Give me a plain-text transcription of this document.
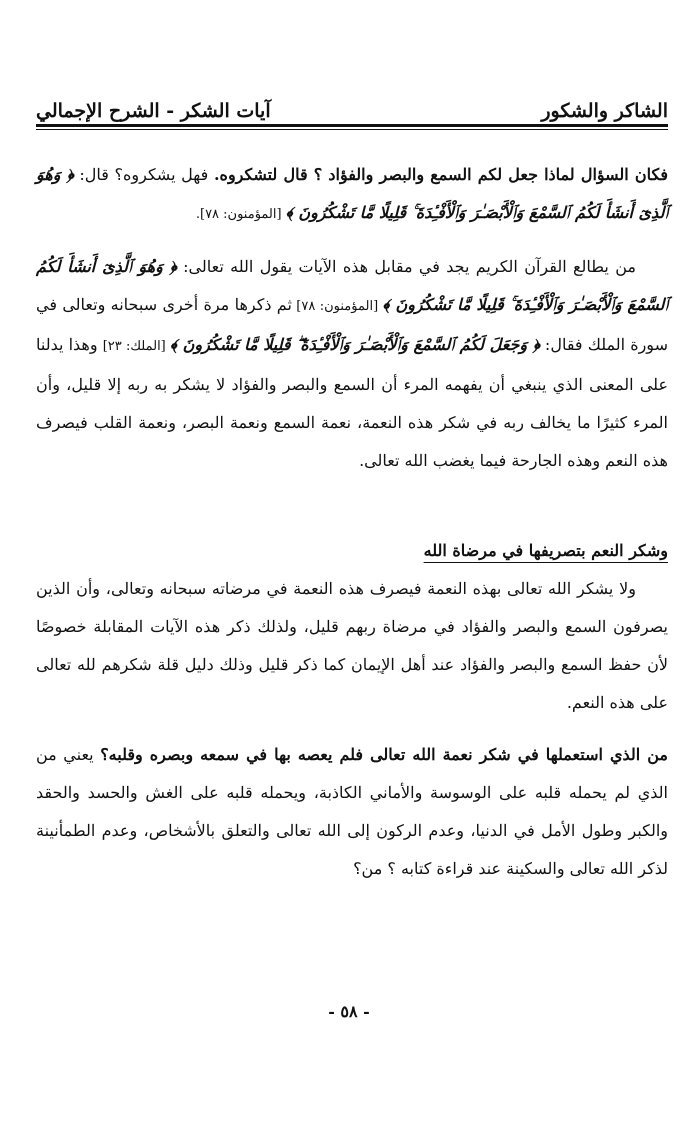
الشاكر والشكور
آيات الشكر - الشرح الإجمالي

فكان السؤال لماذا جعل لكم السمع والبصر والفؤاد ؟ قال لتشكروه. فهل يشكروه؟ قال: ﴿ وَهُوَ ٱلَّذِىٓ أَنشَأَ لَكُمُ ٱلسَّمْعَ وَٱلْأَبْصَـٰرَ وَٱلْأَفْـِٔدَةَ ۚ قَلِيلًا مَّا تَشْكُرُونَ ﴾ [المؤمنون: ٧٨].

من يطالع القرآن الكريم يجد في مقابل هذه الآيات يقول الله تعالى: ﴿ وَهُوَ ٱلَّذِىٓ أَنشَأَ لَكُمُ ٱلسَّمْعَ وَٱلْأَبْصَـٰرَ وَٱلْأَفْـِٔدَةَ ۚ قَلِيلًا مَّا تَشْكُرُونَ ﴾ [المؤمنون: ٧٨] ثم ذكرها مرة أخرى سبحانه وتعالى في سورة الملك فقال: ﴿ وَجَعَلَ لَكُمُ ٱلسَّمْعَ وَٱلْأَبْصَـٰرَ وَٱلْأَفْـِٔدَةَ ۖ قَلِيلًا مَّا تَشْكُرُونَ ﴾ [الملك: ٢٣] وهذا يدلنا على المعنى الذي ينبغي أن يفهمه المرء أن السمع والبصر والفؤاد لا يشكر به ربه إلا قليل، وأن المرء كثيرًا ما يخالف ربه في شكر هذه النعمة، نعمة السمع ونعمة البصر، ونعمة القلب فيصرف هذه النعم وهذه الجارحة فيما يغضب الله تعالى.

وشكر النعم بتصريفها في مرضاة الله

ولا يشكر الله تعالى بهذه النعمة فيصرف هذه النعمة في مرضاته سبحانه وتعالى، وأن الذين يصرفون السمع والبصر والفؤاد في مرضاة ربهم قليل، ولذلك ذكر هذه الآيات المقابلة خصوصًا لأن حفظ السمع والبصر والفؤاد عند أهل الإيمان كما ذكر قليل وذلك دليل قلة شكرهم لله تعالى على هذه النعم.

من الذي استعملها في شكر نعمة الله تعالى فلم يعصه بها في سمعه وبصره وقلبه؟ يعني من الذي لم يحمله قلبه على الوسوسة والأماني الكاذبة، ويحمله قلبه على الغش والحسد والحقد والكبر وطول الأمل في الدنيا، وعدم الركون إلى الله تعالى والتعلق بالأشخاص، وعدم الطمأنينة لذكر الله تعالى والسكينة عند قراءة كتابه ؟ من؟

- ٥٨ -
